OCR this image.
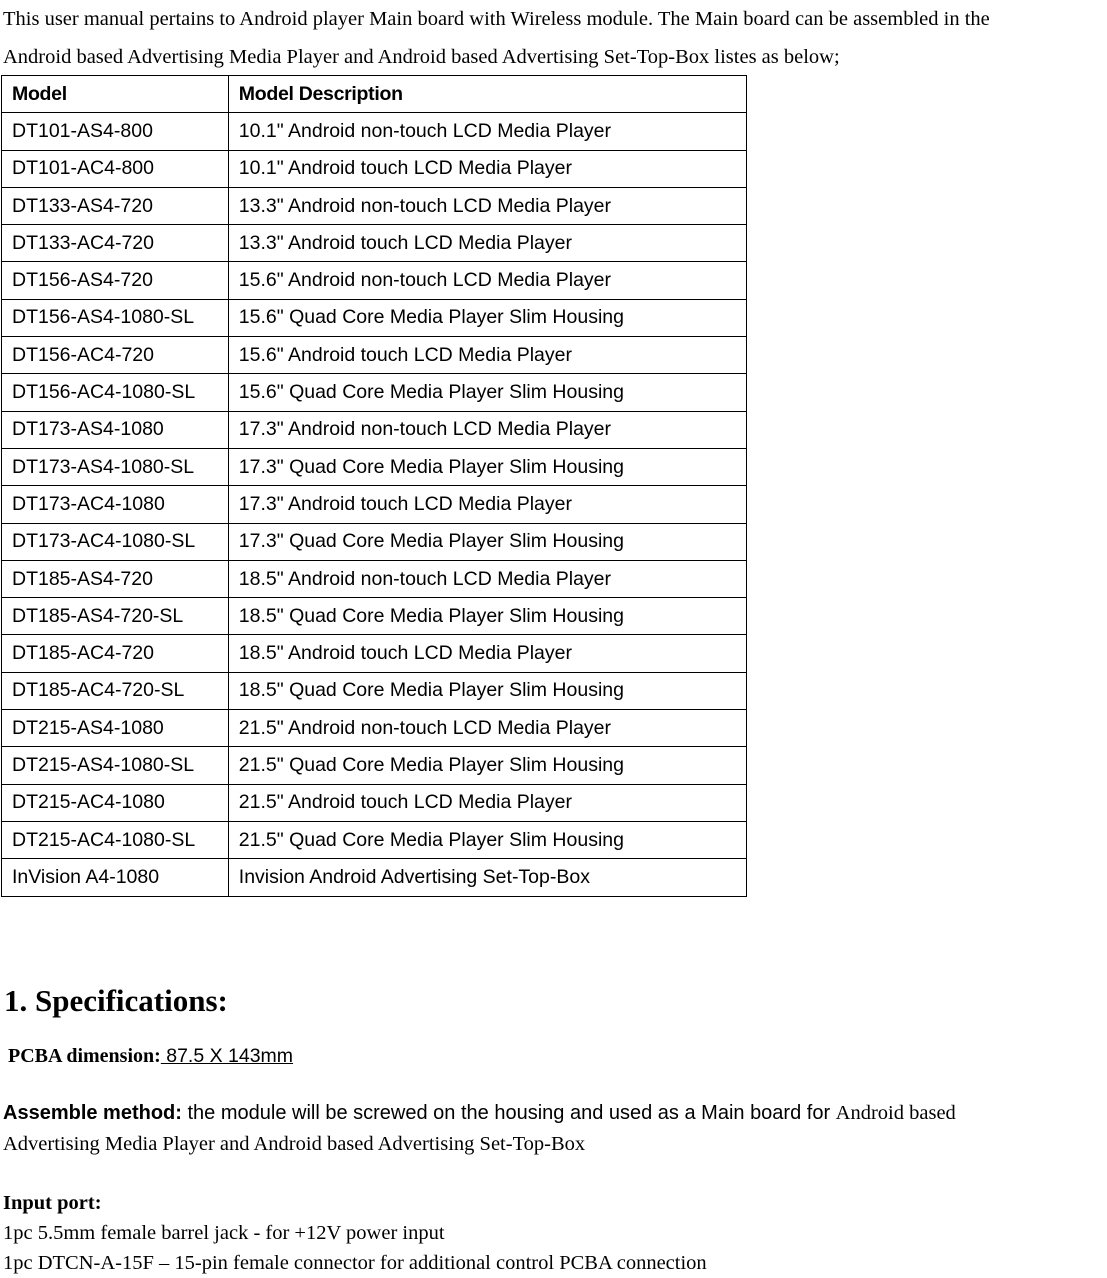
This user manual pertains to Android player Main board with Wireless module. The Main board can be assembled in the
Android based Advertising Media Player and Android based Advertising Set-Top-Box listes as below;
Model	Model Description
DT101-AS4-800	10.1" Android non-touch LCD Media Player
DT101-AC4-800	10.1" Android touch LCD Media Player
DT133-AS4-720	13.3" Android non-touch LCD Media Player
DT133-AC4-720	13.3" Android touch LCD Media Player
DT156-AS4-720	15.6" Android non-touch LCD Media Player
DT156-AS4-1080-SL	15.6" Quad Core Media Player Slim Housing
DT156-AC4-720	15.6" Android touch LCD Media Player
DT156-AC4-1080-SL	15.6" Quad Core Media Player Slim Housing
DT173-AS4-1080	17.3" Android non-touch LCD Media Player
DT173-AS4-1080-SL	17.3" Quad Core Media Player Slim Housing
DT173-AC4-1080	17.3" Android touch LCD Media Player
DT173-AC4-1080-SL	17.3" Quad Core Media Player Slim Housing
DT185-AS4-720	18.5" Android non-touch LCD Media Player
DT185-AS4-720-SL	18.5" Quad Core Media Player Slim Housing
DT185-AC4-720	18.5" Android touch LCD Media Player
DT185-AC4-720-SL	18.5" Quad Core Media Player Slim Housing
DT215-AS4-1080	21.5" Android non-touch LCD Media Player
DT215-AS4-1080-SL	21.5" Quad Core Media Player Slim Housing
DT215-AC4-1080	21.5" Android touch LCD Media Player
DT215-AC4-1080-SL	21.5" Quad Core Media Player Slim Housing
InVision A4-1080	Invision Android Advertising Set-Top-Box
1. Specifications:
PCBA dimension: 87.5 X 143mm
Assemble method: the module will be screwed on the housing and used as a Main board for Android based
Advertising Media Player and Android based Advertising Set-Top-Box
Input port:
1pc 5.5mm female barrel jack - for +12V power input
1pc DTCN-A-15F – 15-pin female connector for additional control PCBA connection
